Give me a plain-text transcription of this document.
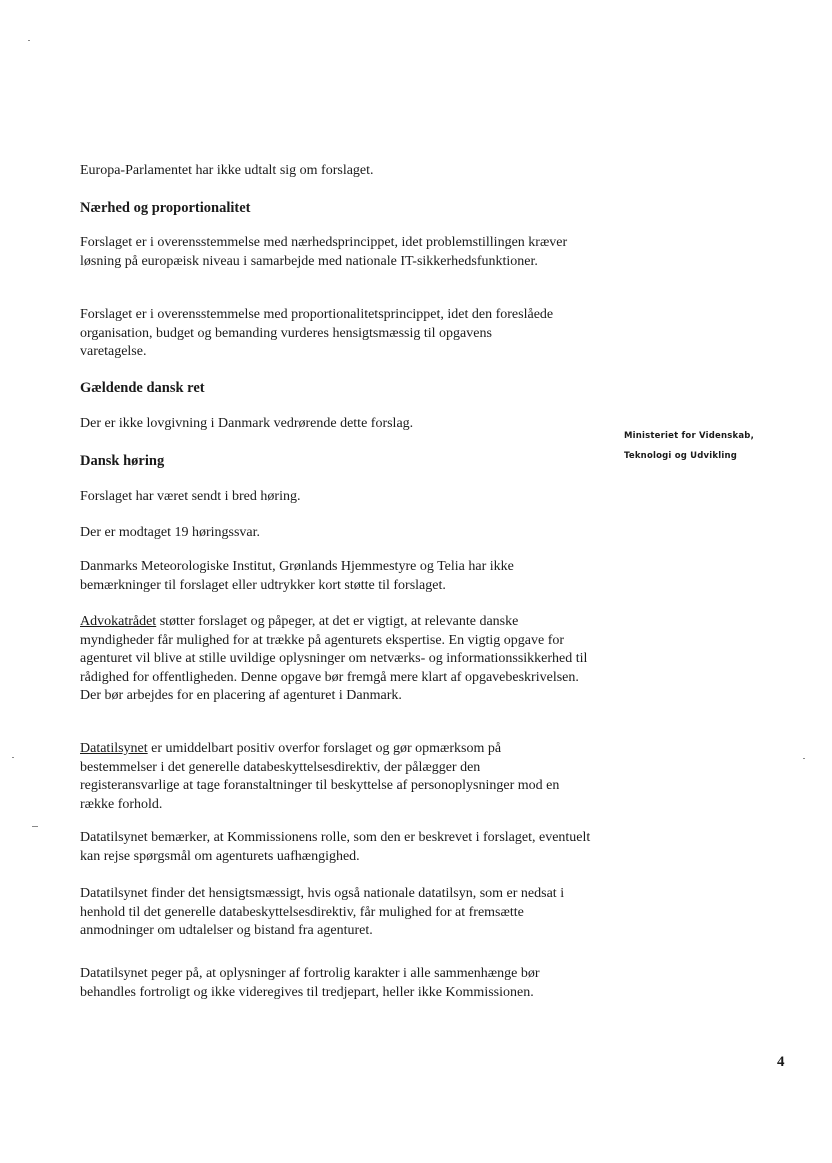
Europa-Parlamentet har ikke udtalt sig om forslaget.
Nærhed og proportionalitet
Forslaget er i overensstemmelse med nærhedsprincippet, idet problemstillingen kræver løsning på europæisk niveau i samarbejde med nationale IT-sikkerhedsfunktioner.
Forslaget er i overensstemmelse med proportionalitetsprincippet, idet den foreslåede organisation, budget og bemanding vurderes hensigtsmæssig til opgavens varetagelse.
Gældende dansk ret
Der er ikke lovgivning i Danmark vedrørende dette forslag.
Dansk høring
Forslaget har været sendt i bred høring.
Der er modtaget 19 høringssvar.
Danmarks Meteorologiske Institut, Grønlands Hjemmestyre og Telia har ikke bemærkninger til forslaget eller udtrykker kort støtte til forslaget.
Advokatrådet støtter forslaget og påpeger, at det er vigtigt, at relevante danske myndigheder får mulighed for at trække på agenturets ekspertise. En vigtig opgave for agenturet vil blive at stille uvildige oplysninger om netværks- og informationssikkerhed til rådighed for offentligheden. Denne opgave bør fremgå mere klart af opgavebeskrivelsen. Der bør arbejdes for en placering af agenturet i Danmark.
Datatilsynet er umiddelbart positiv overfor forslaget og gør opmærksom på bestemmelser i det generelle databeskyttelsesdirektiv, der pålægger den registeransvarlige at tage foranstaltninger til beskyttelse af personoplysninger mod en række forhold.
Datatilsynet bemærker, at Kommissionens rolle, som den er beskrevet i forslaget, eventuelt kan rejse spørgsmål om agenturets uafhængighed.
Datatilsynet finder det hensigtsmæssigt, hvis også nationale datatilsyn, som er nedsat i henhold til det generelle databeskyttelsesdirektiv, får mulighed for at fremsætte anmodninger om udtalelser og bistand fra agenturet.
Datatilsynet peger på, at oplysninger af fortrolig karakter i alle sammenhænge bør behandles fortroligt og ikke videregives til tredjepart, heller ikke Kommissionen.
Ministeriet for Videnskab,
Teknologi og Udvikling
4
